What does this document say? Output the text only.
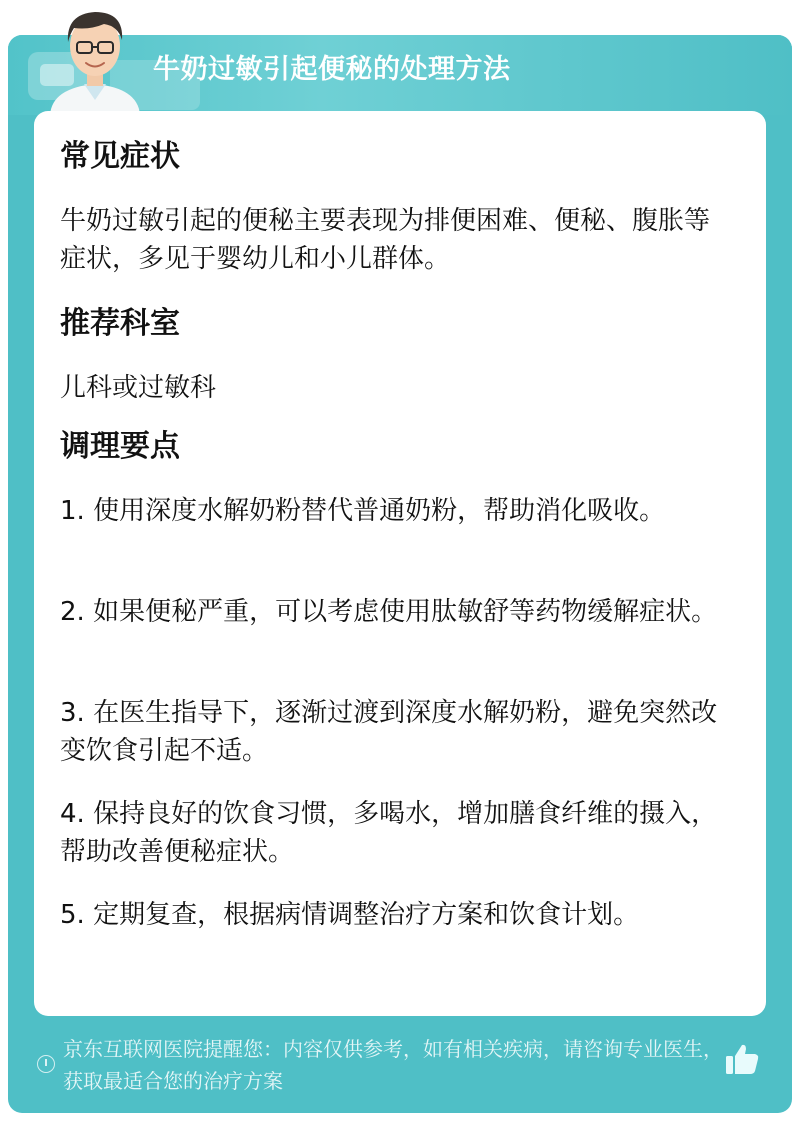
牛奶过敏引起便秘的处理方法
常见症状
牛奶过敏引起的便秘主要表现为排便困难、便秘、腹胀等症状，多见于婴幼儿和小儿群体。
推荐科室
儿科或过敏科
调理要点
1. 使用深度水解奶粉替代普通奶粉，帮助消化吸收。
2. 如果便秘严重，可以考虑使用肽敏舒等药物缓解症状。
3. 在医生指导下，逐渐过渡到深度水解奶粉，避免突然改变饮食引起不适。
4. 保持良好的饮食习惯，多喝水，增加膳食纤维的摄入，帮助改善便秘症状。
5. 定期复查，根据病情调整治疗方案和饮食计划。
京东互联网医院提醒您：内容仅供参考，如有相关疾病，请咨询专业医生，获取最适合您的治疗方案
